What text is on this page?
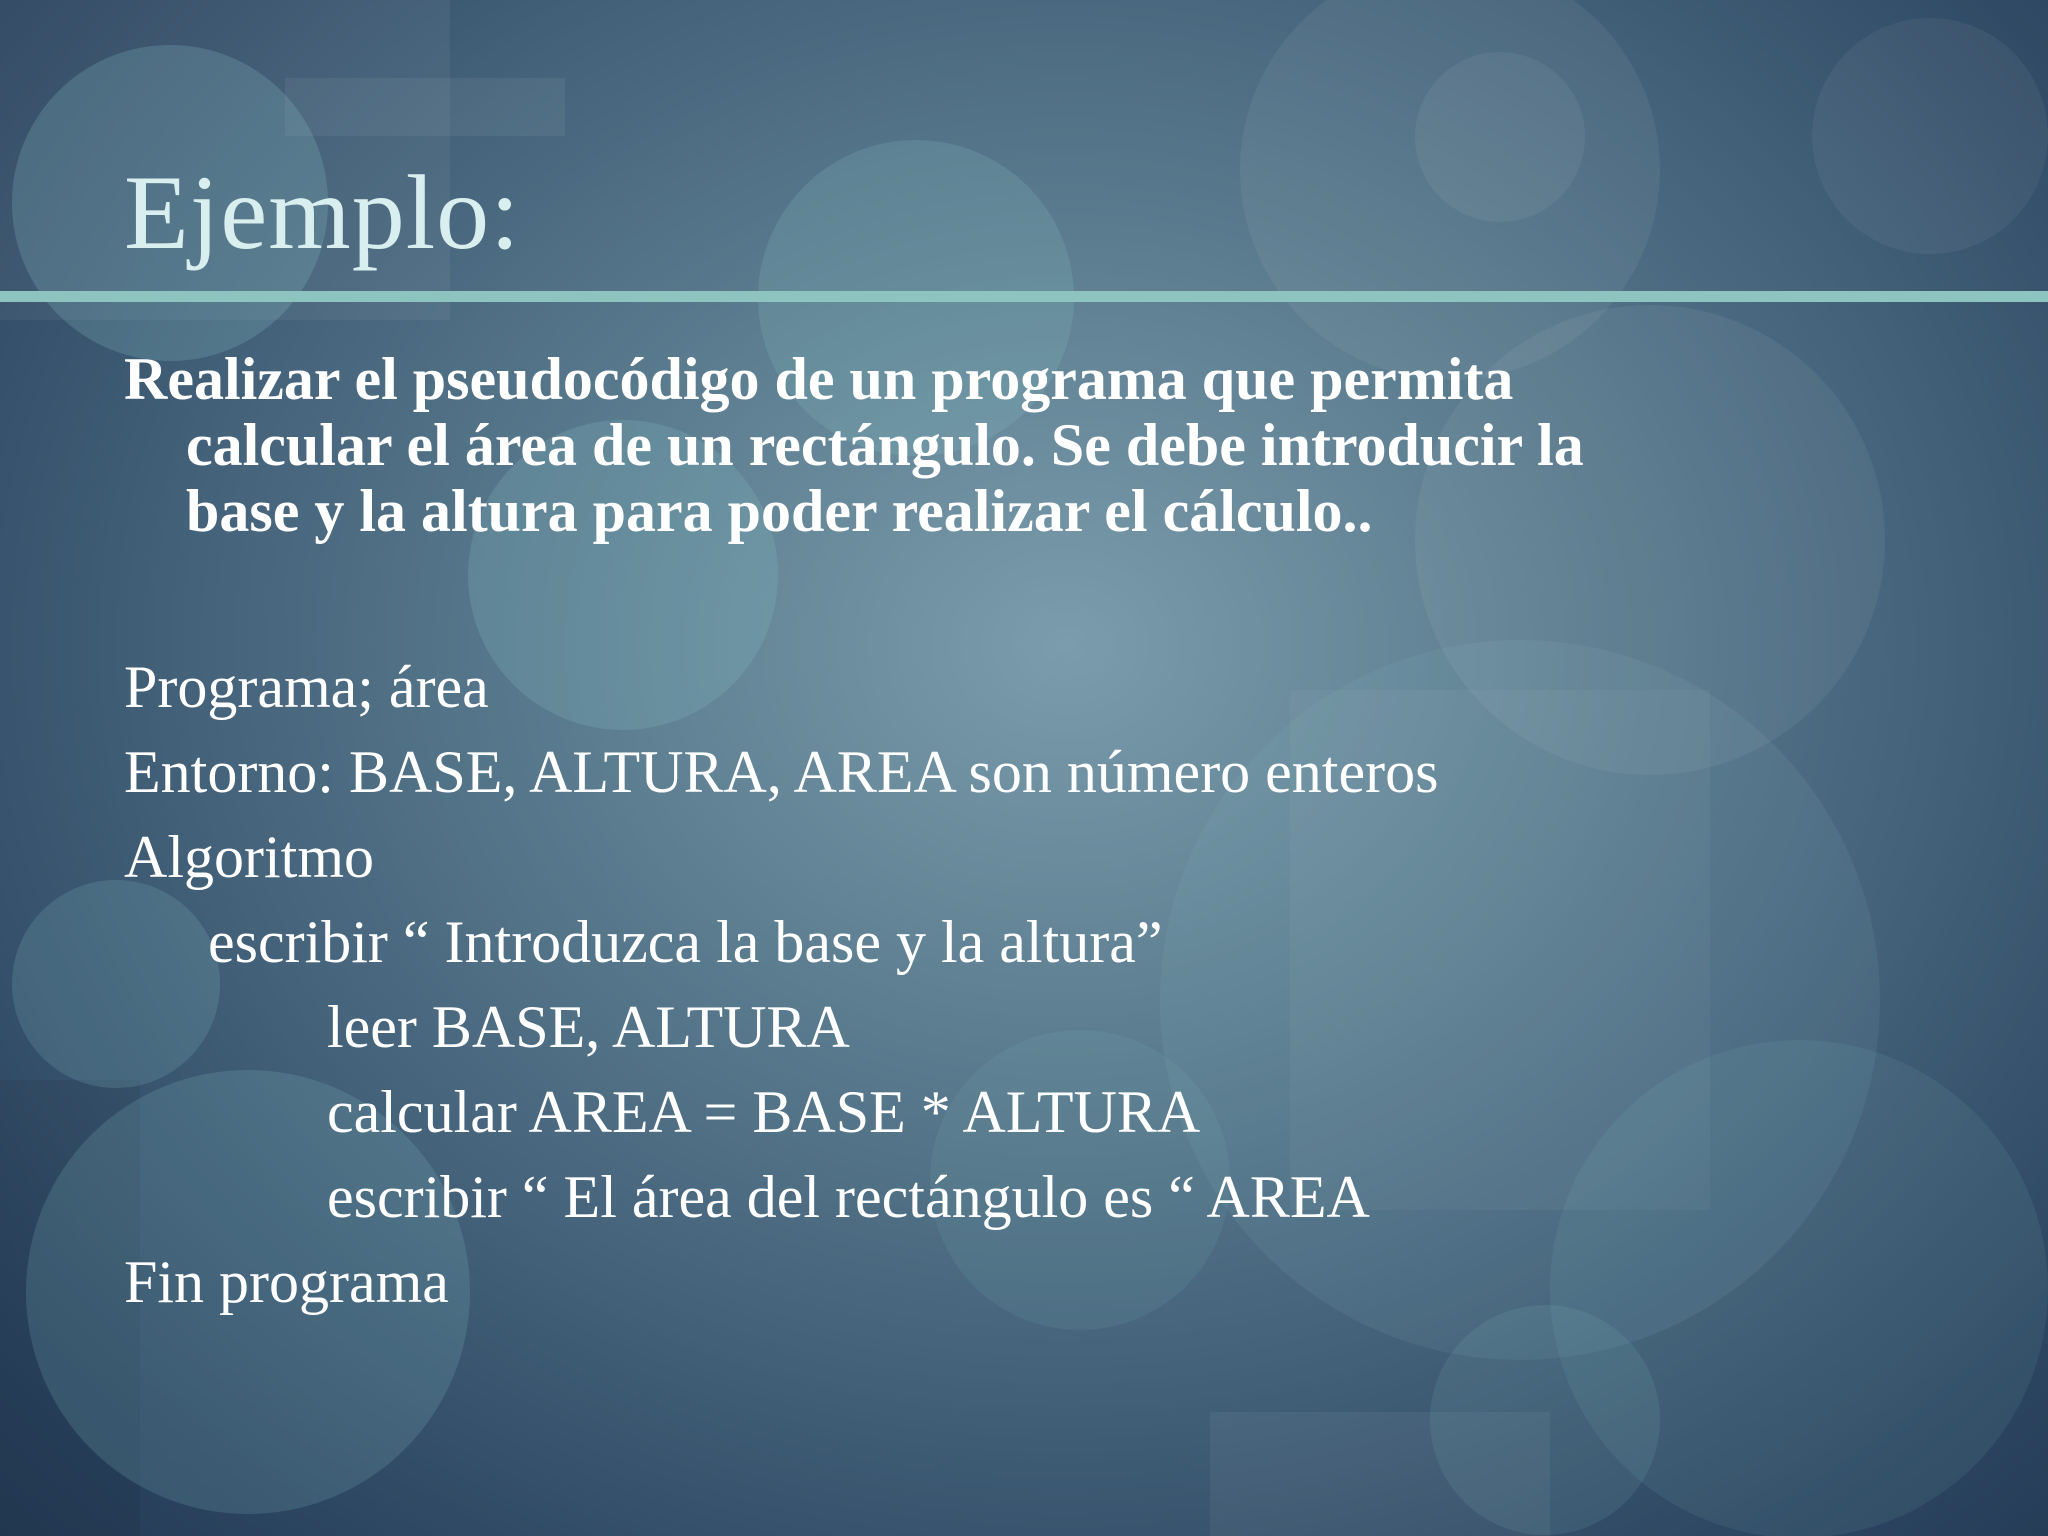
Ejemplo:

Realizar el pseudocódigo de un programa que permita
calcular el área de un rectángulo. Se debe introducir la
base y la altura para poder realizar el cálculo..

Programa; área
Entorno: BASE, ALTURA, AREA son número enteros
Algoritmo
escribir “ Introduzca la base y la altura”
leer BASE, ALTURA
calcular AREA = BASE * ALTURA
escribir “ El área del rectángulo es “ AREA
Fin programa
